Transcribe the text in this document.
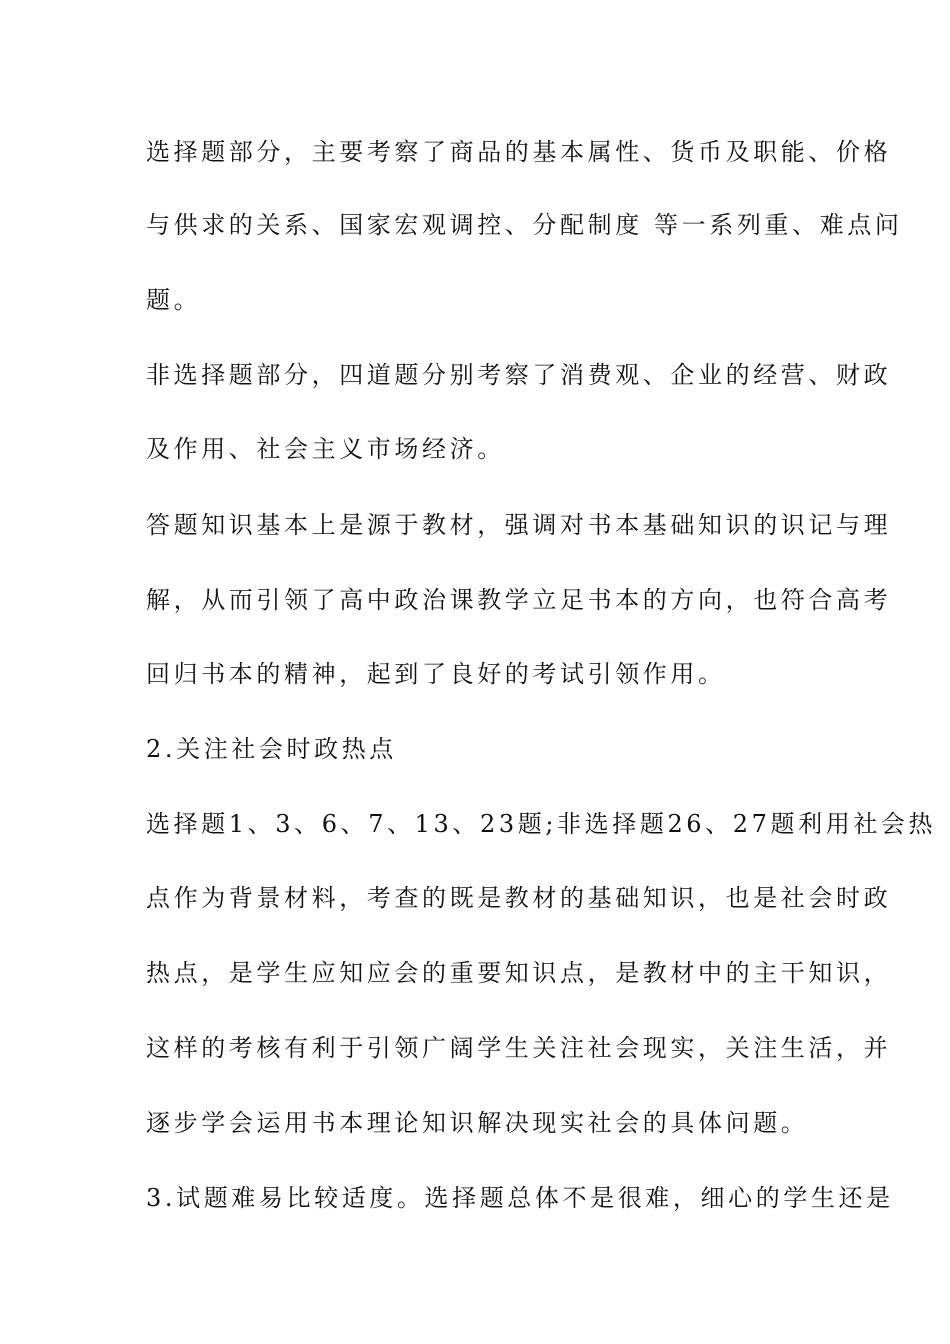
选择题部分，主要考察了商品的基本属性、货币及职能、价格
与供求的关系、国家宏观调控、分配制度 等一系列重、难点问
题。
非选择题部分，四道题分别考察了消费观、企业的经营、财政
及作用、社会主义市场经济。
答题知识基本上是源于教材，强调对书本基础知识的识记与理
解，从而引领了高中政治课教学立足书本的方向，也符合高考
回归书本的精神，起到了良好的考试引领作用。
2.关注社会时政热点
选择题1、3、6、7、13、23题;非选择题26、27题利用社会热
点作为背景材料，考查的既是教材的基础知识，也是社会时政
热点，是学生应知应会的重要知识点，是教材中的主干知识，
这样的考核有利于引领广阔学生关注社会现实，关注生活，并
逐步学会运用书本理论知识解决现实社会的具体问题。
3.试题难易比较适度。选择题总体不是很难，细心的学生还是
